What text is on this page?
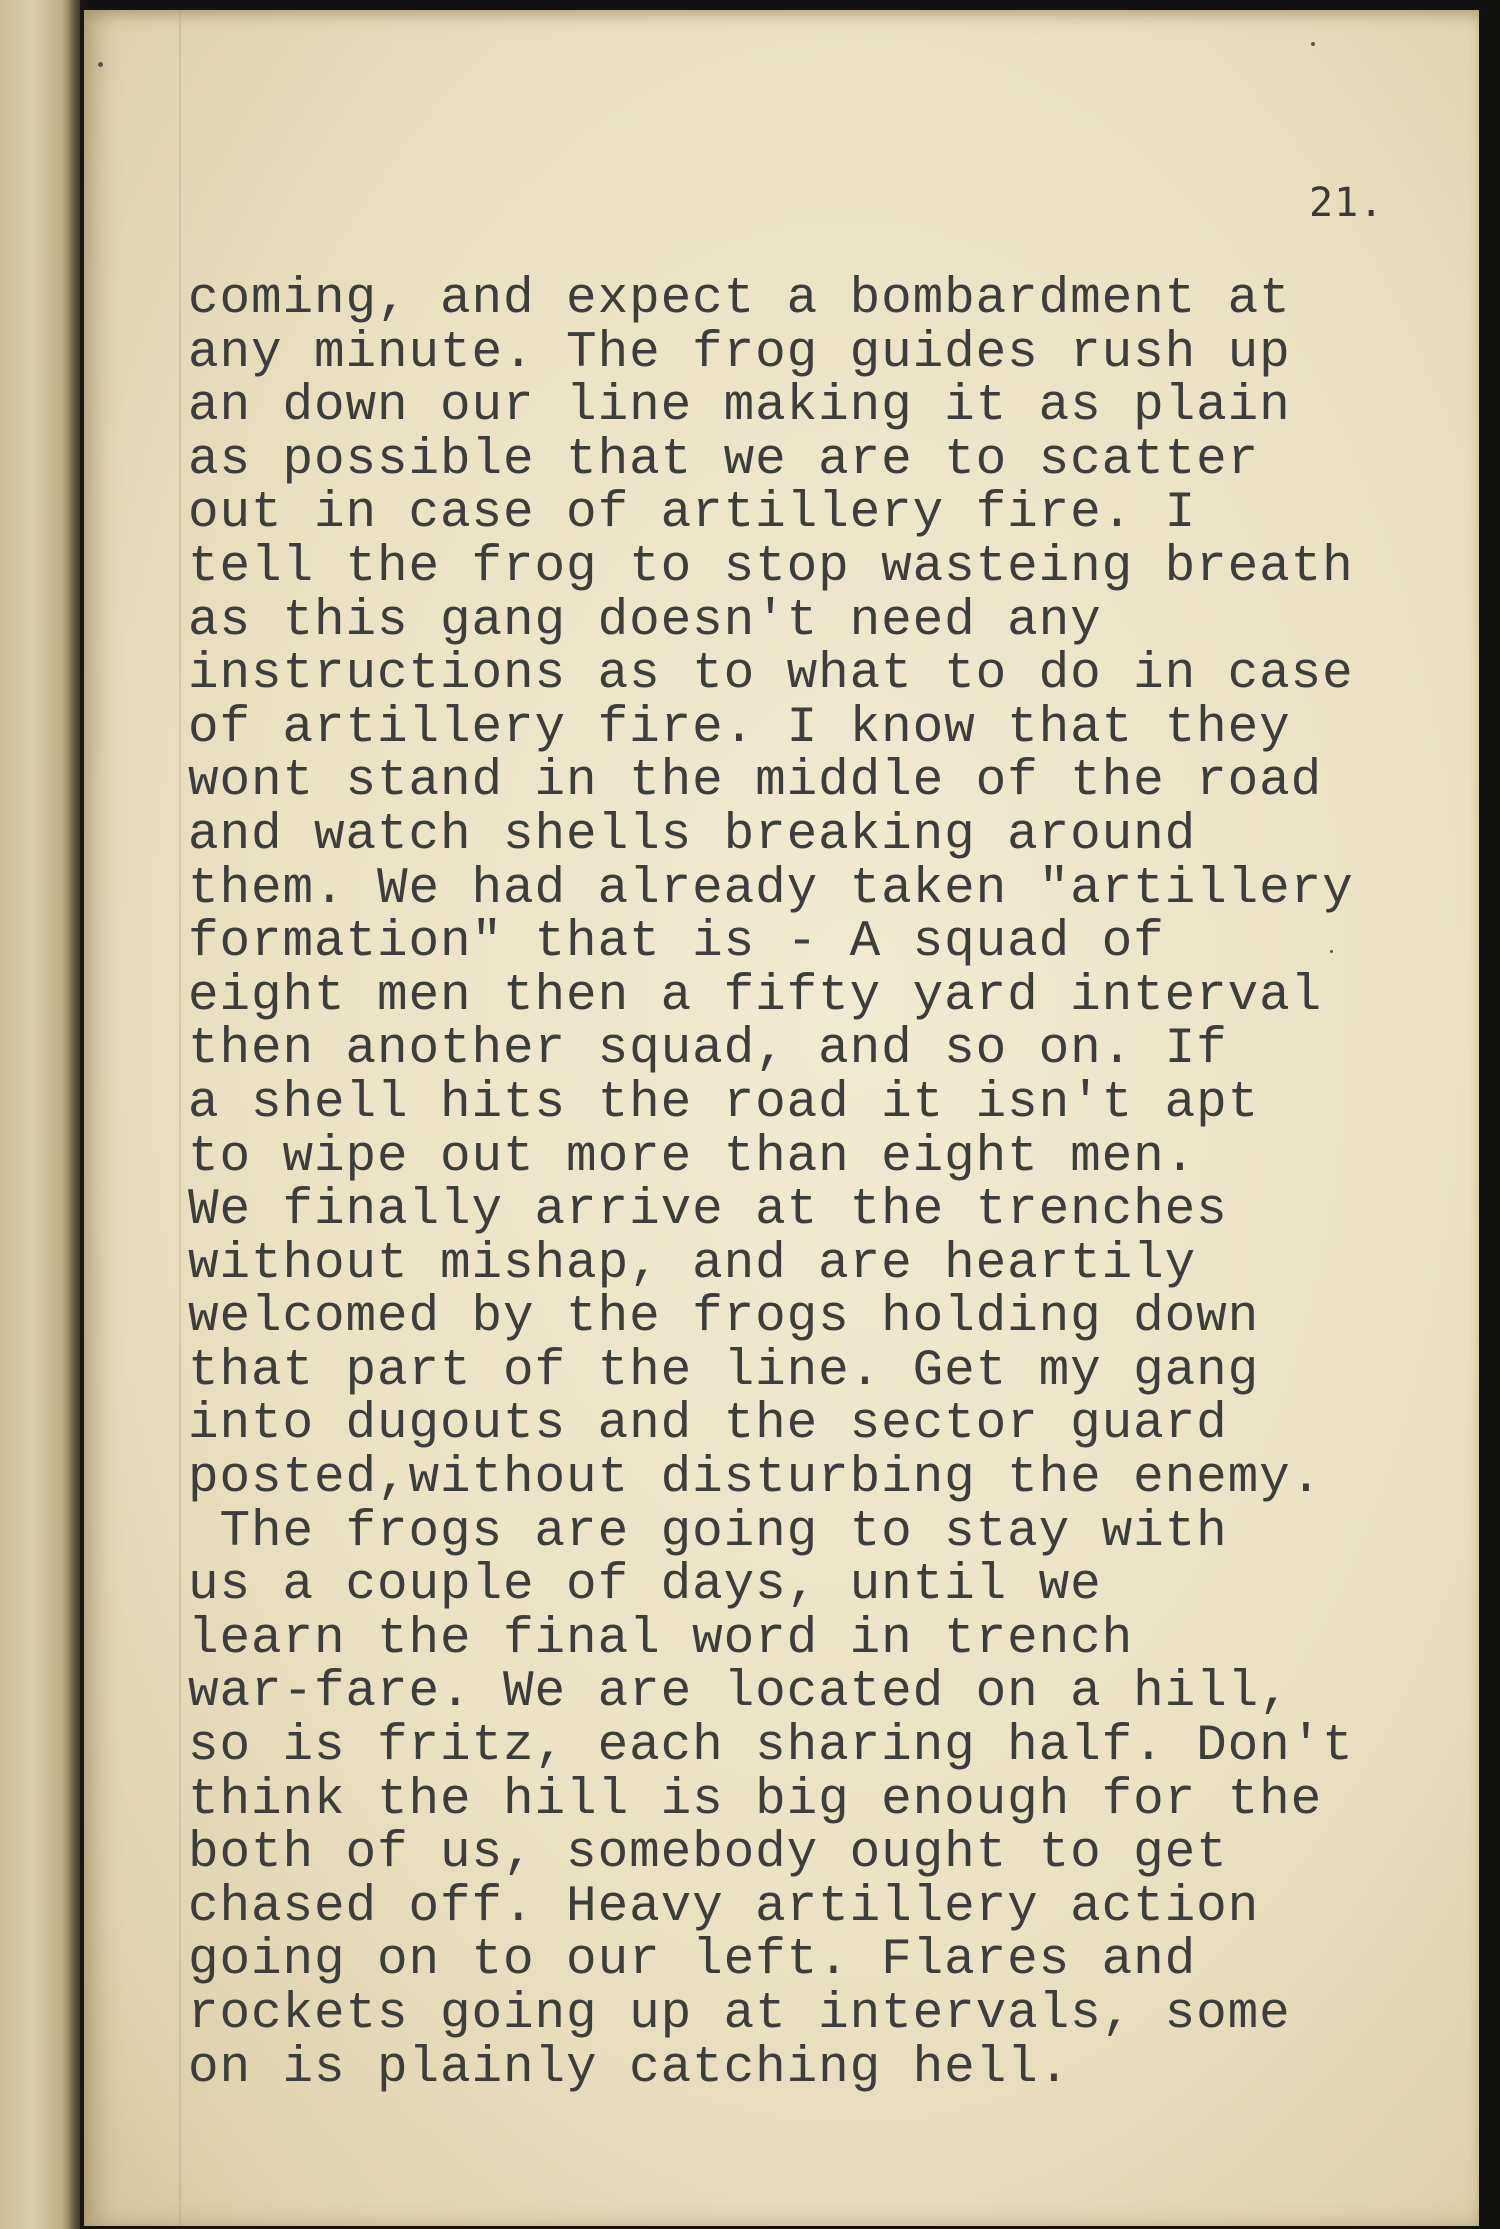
21.
coming, and expect a bombardment at
any minute. The frog guides rush up
an down our line making it as plain
as possible that we are to scatter
out in case of artillery fire. I
tell the frog to stop wasteing breath
as this gang doesn't need any
instructions as to what to do in case
of artillery fire. I know that they
wont stand in the middle of the road
and watch shells breaking around
them. We had already taken "artillery
formation" that is - A squad of
eight men then a fifty yard interval
then another squad, and so on. If
a shell hits the road it isn't apt
to wipe out more than eight men.
We finally arrive at the trenches
without mishap, and are heartily
welcomed by the frogs holding down
that part of the line. Get my gang
into dugouts and the sector guard
posted,without disturbing the enemy.
The frogs are going to stay with
us a couple of days, until we
learn the final word in trench
war-fare. We are located on a hill,
so is fritz, each sharing half. Don't
think the hill is big enough for the
both of us, somebody ought to get
chased off. Heavy artillery action
going on to our left. Flares and
rockets going up at intervals, some
on is plainly catching hell.
